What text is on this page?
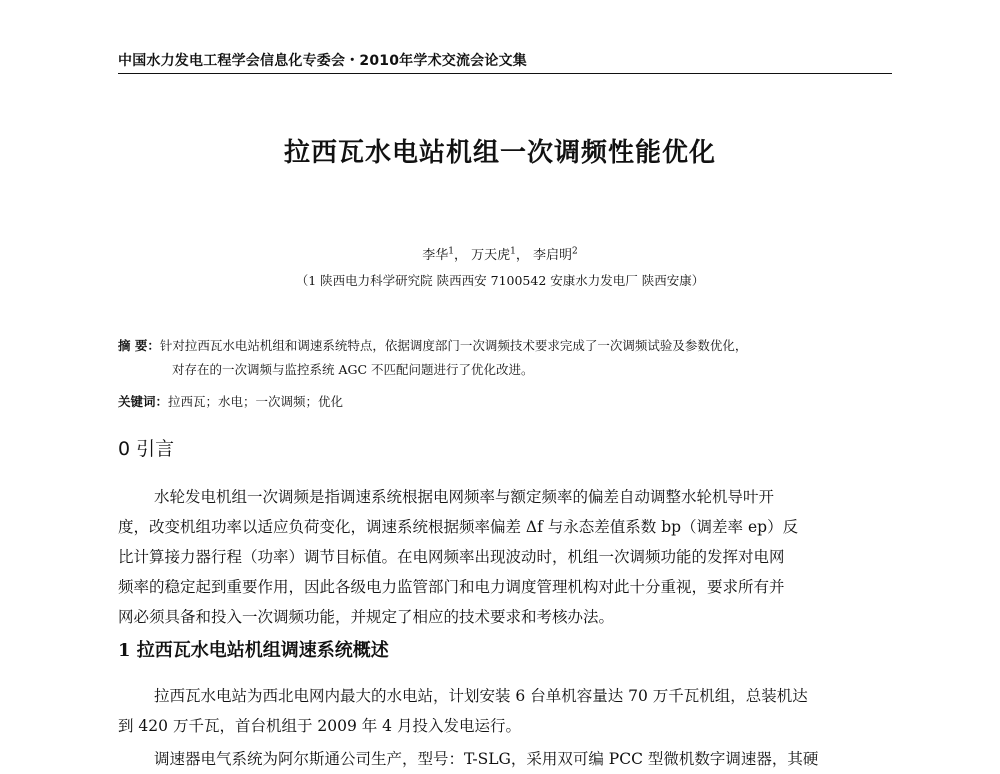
中国水力发电工程学会信息化专委会・2010年学术交流会论文集
拉西瓦水电站机组一次调频性能优化
李华$^1$， 万天虎$^1$， 李启明$^2$
（1 陕西电力科学研究院 陕西西安 7100542 安康水力发电厂 陕西安康）
摘 要：针对拉西瓦水电站机组和调速系统特点，依据调度部门一次调频技术要求完成了一次调频试验及参数优化，
对存在的一次调频与监控系统 AGC 不匹配问题进行了优化改进。
关键词：拉西瓦；水电；一次调频；优化
0 引言
水轮发电机组一次调频是指调速系统根据电网频率与额定频率的偏差自动调整水轮机导叶开
度，改变机组功率以适应负荷变化，调速系统根据频率偏差 Δf 与永态差值系数 bp（调差率 ep）反
比计算接力器行程（功率）调节目标值。在电网频率出现波动时，机组一次调频功能的发挥对电网
频率的稳定起到重要作用，因此各级电力监管部门和电力调度管理机构对此十分重视，要求所有并
网必须具备和投入一次调频功能，并规定了相应的技术要求和考核办法。
1 拉西瓦水电站机组调速系统概述
拉西瓦水电站为西北电网内最大的水电站，计划安装 6 台单机容量达 70 万千瓦机组，总装机达
到 420 万千瓦，首台机组于 2009 年 4 月投入发电运行。
调速器电气系统为阿尔斯通公司生产，型号：T-SLG，采用双可编 PCC 型微机数字调速器，其硬
